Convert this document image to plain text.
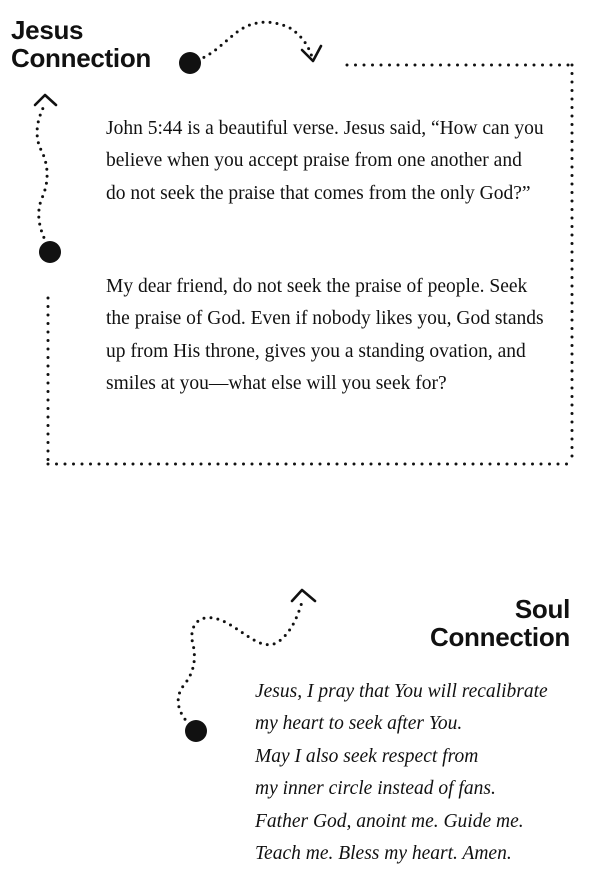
Jesus
Connection

John 5:44 is a beautiful verse. Jesus said, “How can you believe when you accept praise from one another and do not seek the praise that comes from the only God?”

My dear friend, do not seek the praise of people. Seek the praise of God. Even if nobody likes you, God stands up from His throne, gives you a standing ovation, and smiles at you—what else will you seek for?

Soul
Connection

Jesus, I pray that You will recalibrate
my heart to seek after You.
May I also seek respect from
my inner circle instead of fans.
Father God, anoint me. Guide me.
Teach me. Bless my heart. Amen.
